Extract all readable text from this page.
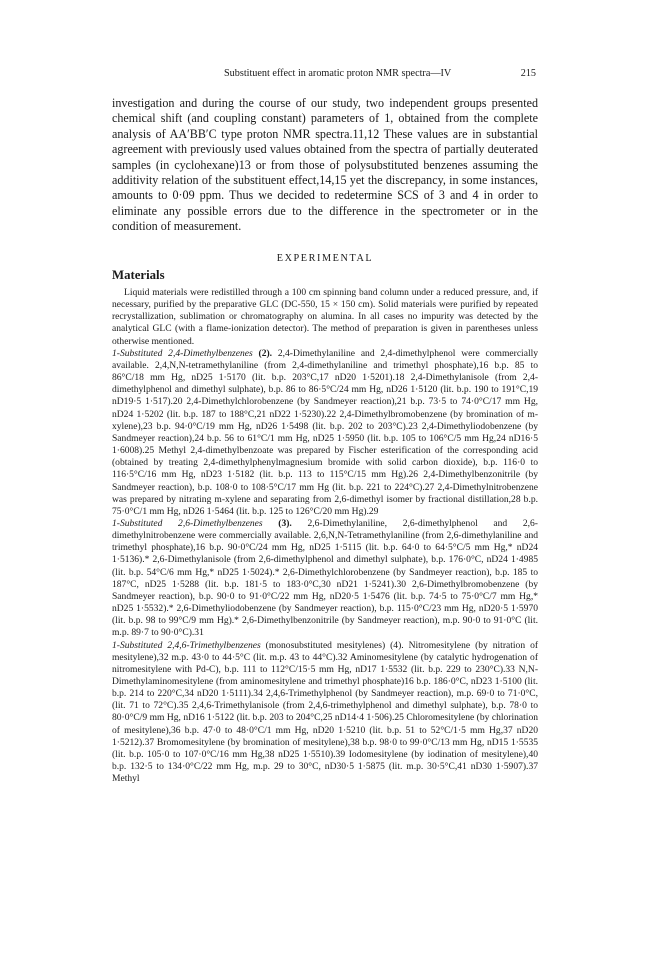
Substituent effect in aromatic proton NMR spectra—IV	215

investigation and during the course of our study, two independent groups presented chemical shift (and coupling constant) parameters of 1, obtained from the complete analysis of AA′BB′C type proton NMR spectra.11,12 These values are in substantial agreement with previously used values obtained from the spectra of partially deuterated samples (in cyclohexane)13 or from those of polysubstituted benzenes assuming the additivity relation of the substituent effect,14,15 yet the discrepancy, in some instances, amounts to 0·09 ppm. Thus we decided to redetermine SCS of 3 and 4 in order to eliminate any possible errors due to the difference in the spectrometer or in the condition of measurement.

EXPERIMENTAL
Materials

Liquid materials were redistilled through a 100 cm spinning band column under a reduced pressure, and, if necessary, purified by the preparative GLC (DC-550, 15 × 150 cm). Solid materials were purified by repeated recrystallization, sublimation or chromatography on alumina. In all cases no impurity was detected by the analytical GLC (with a flame-ionization detector). The method of preparation is given in parentheses unless otherwise mentioned.

1-Substituted 2,4-Dimethylbenzenes (2). 2,4-Dimethylaniline and 2,4-dimethylphenol were commercially available. 2,4,N,N-tetramethylaniline (from 2,4-dimethylaniline and trimethyl phosphate),16 b.p. 85 to 86°C/18 mm Hg, nD25 1·5170 (lit. b.p. 203°C,17 nD20 1·5201).18 2,4-Dimethylanisole (from 2,4-dimethylphenol and dimethyl sulphate), b.p. 86 to 86·5°C/24 mm Hg, nD26 1·5120 (lit. b.p. 190 to 191°C,19 nD19·5 1·517).20 2,4-Dimethylchlorobenzene (by Sandmeyer reaction),21 b.p. 73·5 to 74·0°C/17 mm Hg, nD24 1·5202 (lit. b.p. 187 to 188°C,21 nD22 1·5230).22 2,4-Dimethylbromobenzene (by bromination of m-xylene),23 b.p. 94·0°C/19 mm Hg, nD26 1·5498 (lit. b.p. 202 to 203°C).23 2,4-Dimethyliodobenzene (by Sandmeyer reaction),24 b.p. 56 to 61°C/1 mm Hg, nD25 1·5950 (lit. b.p. 105 to 106°C/5 mm Hg,24 nD16·5 1·6008).25 Methyl 2,4-dimethylbenzoate was prepared by Fischer esterification of the corresponding acid (obtained by treating 2,4-dimethylphenylmagnesium bromide with solid carbon dioxide), b.p. 116·0 to 116·5°C/16 mm Hg, nD23 1·5182 (lit. b.p. 113 to 115°C/15 mm Hg).26 2,4-Dimethylbenzonitrile (by Sandmeyer reaction), b.p. 108·0 to 108·5°C/17 mm Hg (lit. b.p. 221 to 224°C).27 2,4-Dimethylnitrobenzene was prepared by nitrating m-xylene and separating from 2,6-dimethyl isomer by fractional distillation,28 b.p. 75·0°C/1 mm Hg, nD26 1·5464 (lit. b.p. 125 to 126°C/20 mm Hg).29

1-Substituted 2,6-Dimethylbenzenes (3). 2,6-Dimethylaniline, 2,6-dimethylphenol and 2,6-dimethylnitrobenzene were commercially available. 2,6,N,N-Tetramethylaniline (from 2,6-dimethylaniline and trimethyl phosphate),16 b.p. 90·0°C/24 mm Hg, nD25 1·5115 (lit. b.p. 64·0 to 64·5°C/5 mm Hg,* nD24 1·5136).* 2,6-Dimethylanisole (from 2,6-dimethylphenol and dimethyl sulphate), b.p. 176·0°C, nD24 1·4985 (lit. b.p. 54°C/6 mm Hg,* nD25 1·5024).* 2,6-Dimethylchlorobenzene (by Sandmeyer reaction), b.p. 185 to 187°C, nD25 1·5288 (lit. b.p. 181·5 to 183·0°C,30 nD21 1·5241).30 2,6-Dimethylbromobenzene (by Sandmeyer reaction), b.p. 90·0 to 91·0°C/22 mm Hg, nD20·5 1·5476 (lit. b.p. 74·5 to 75·0°C/7 mm Hg,* nD25 1·5532).* 2,6-Dimethyliodobenzene (by Sandmeyer reaction), b.p. 115·0°C/23 mm Hg, nD20·5 1·5970 (lit. b.p. 98 to 99°C/9 mm Hg).* 2,6-Dimethylbenzonitrile (by Sandmeyer reaction), m.p. 90·0 to 91·0°C (lit. m.p. 89·7 to 90·0°C).31

1-Substituted 2,4,6-Trimethylbenzenes (monosubstituted mesitylenes) (4). Nitromesitylene (by nitration of mesitylene),32 m.p. 43·0 to 44·5°C (lit. m.p. 43 to 44°C).32 Aminomesitylene (by catalytic hydrogenation of nitromesitylene with Pd-C), b.p. 111 to 112°C/15·5 mm Hg, nD17 1·5532 (lit. b.p. 229 to 230°C).33 N,N-Dimethylaminomesitylene (from aminomesitylene and trimethyl phosphate)16 b.p. 186·0°C, nD23 1·5100 (lit. b.p. 214 to 220°C,34 nD20 1·5111).34 2,4,6-Trimethylphenol (by Sandmeyer reaction), m.p. 69·0 to 71·0°C, (lit. 71 to 72°C).35 2,4,6-Trimethylanisole (from 2,4,6-trimethylphenol and dimethyl sulphate), b.p. 78·0 to 80·0°C/9 mm Hg, nD16 1·5122 (lit. b.p. 203 to 204°C,25 nD14·4 1·506).25 Chloromesitylene (by chlorination of mesitylene),36 b.p. 47·0 to 48·0°C/1 mm Hg, nD20 1·5210 (lit. b.p. 51 to 52°C/1·5 mm Hg,37 nD20 1·5212).37 Bromomesitylene (by bromination of mesitylene),38 b.p. 98·0 to 99·0°C/13 mm Hg, nD15 1·5535 (lit. b.p. 105·0 to 107·0°C/16 mm Hg,38 nD25 1·5510).39 Iodomesitylene (by iodination of mesitylene),40 b.p. 132·5 to 134·0°C/22 mm Hg, m.p. 29 to 30°C, nD30·5 1·5875 (lit. m.p. 30·5°C,41 nD30 1·5907).37 Methyl
